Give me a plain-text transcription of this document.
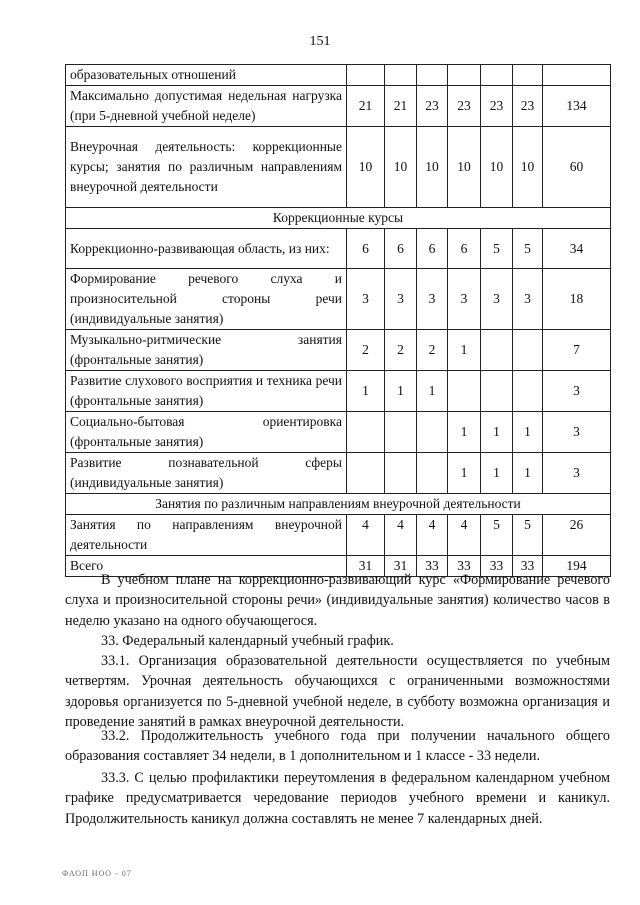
151
образовательных отношений							
Максимально допустимая недельная нагрузка (при 5-дневной учебной неделе)	21	21	23	23	23	23	134
Внеурочная деятельность: коррекционные курсы; занятия по различным направлениям внеурочной деятельности	10	10	10	10	10	10	60
Коррекционные курсы							
Коррекционно-развивающая область, из них:	6	6	6	6	5	5	34
Формирование речевого слуха и произносительной стороны речи (индивидуальные занятия)	3	3	3	3	3	3	18
Музыкально-ритмические занятия (фронтальные занятия)	2	2	2	1			7
Развитие слухового восприятия и техника речи (фронтальные занятия)	1	1	1				3
Социально-бытовая ориентировка (фронтальные занятия)				1	1	1	3
Развитие познавательной сферы (индивидуальные занятия)				1	1	1	3
Занятия по различным направлениям внеурочной деятельности							
Занятия по направлениям внеурочной деятельности	4	4	4	4	5	5	26
Всего	31	31	33	33	33	33	194

В учебном плане на коррекционно-развивающий курс «Формирование речевого слуха и произносительной стороны речи» (индивидуальные занятия) количество часов в неделю указано на одного обучающегося.

33. Федеральный календарный учебный график.

33.1. Организация образовательной деятельности осуществляется по учебным четвертям. Урочная деятельность обучающихся с ограниченными возможностями здоровья организуется по 5-дневной учебной неделе, в субботу возможна организация и проведение занятий в рамках внеурочной деятельности.

33.2. Продолжительность учебного года при получении начального общего образования составляет 34 недели, в 1 дополнительном и 1 классе - 33 недели.

33.3. С целью профилактики переутомления в федеральном календарном учебном графике предусматривается чередование периодов учебного времени и каникул. Продолжительность каникул должна составлять не менее 7 календарных дней.

ФАОП НОО - 07
